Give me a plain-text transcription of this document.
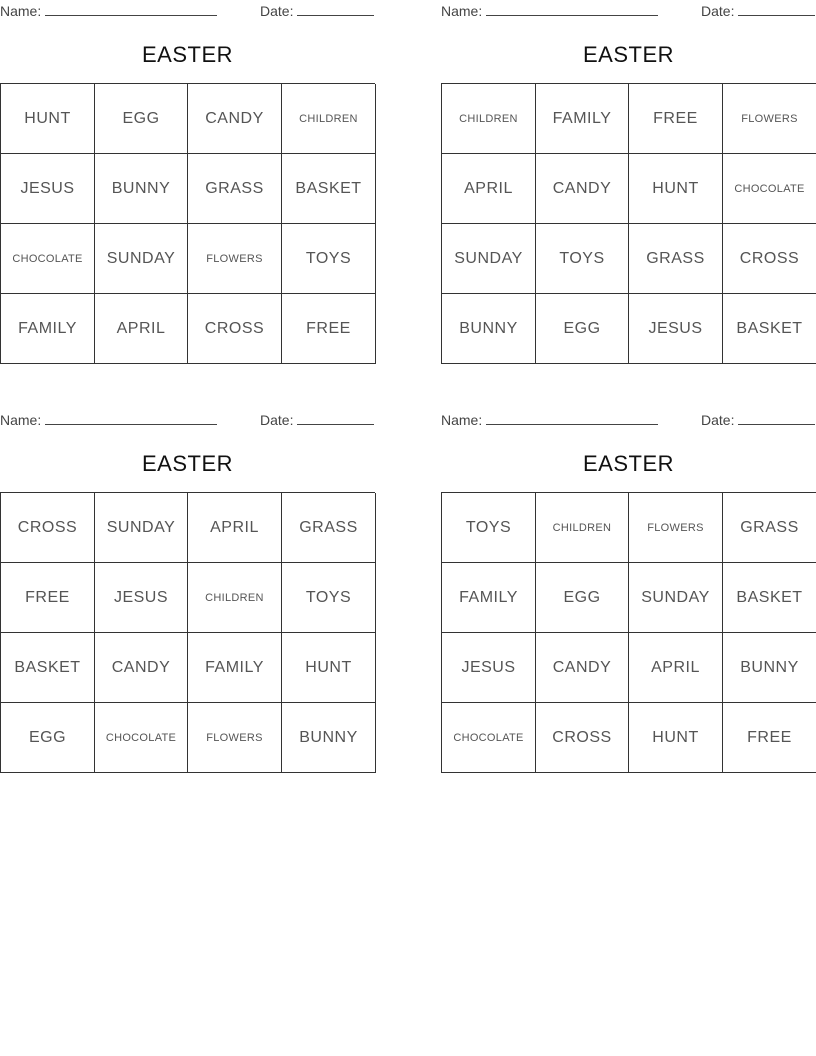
Name:	Date:
EASTER
HUNT	EGG	CANDY	CHILDREN
JESUS	BUNNY	GRASS	BASKET
CHOCOLATE	SUNDAY	FLOWERS	TOYS
FAMILY	APRIL	CROSS	FREE
Name:	Date:
EASTER
CHILDREN	FAMILY	FREE	FLOWERS
APRIL	CANDY	HUNT	CHOCOLATE
SUNDAY	TOYS	GRASS	CROSS
BUNNY	EGG	JESUS	BASKET
Name:	Date:
EASTER
CROSS	SUNDAY	APRIL	GRASS
FREE	JESUS	CHILDREN	TOYS
BASKET	CANDY	FAMILY	HUNT
EGG	CHOCOLATE	FLOWERS	BUNNY
Name:	Date:
EASTER
TOYS	CHILDREN	FLOWERS	GRASS
FAMILY	EGG	SUNDAY	BASKET
JESUS	CANDY	APRIL	BUNNY
CHOCOLATE	CROSS	HUNT	FREE
